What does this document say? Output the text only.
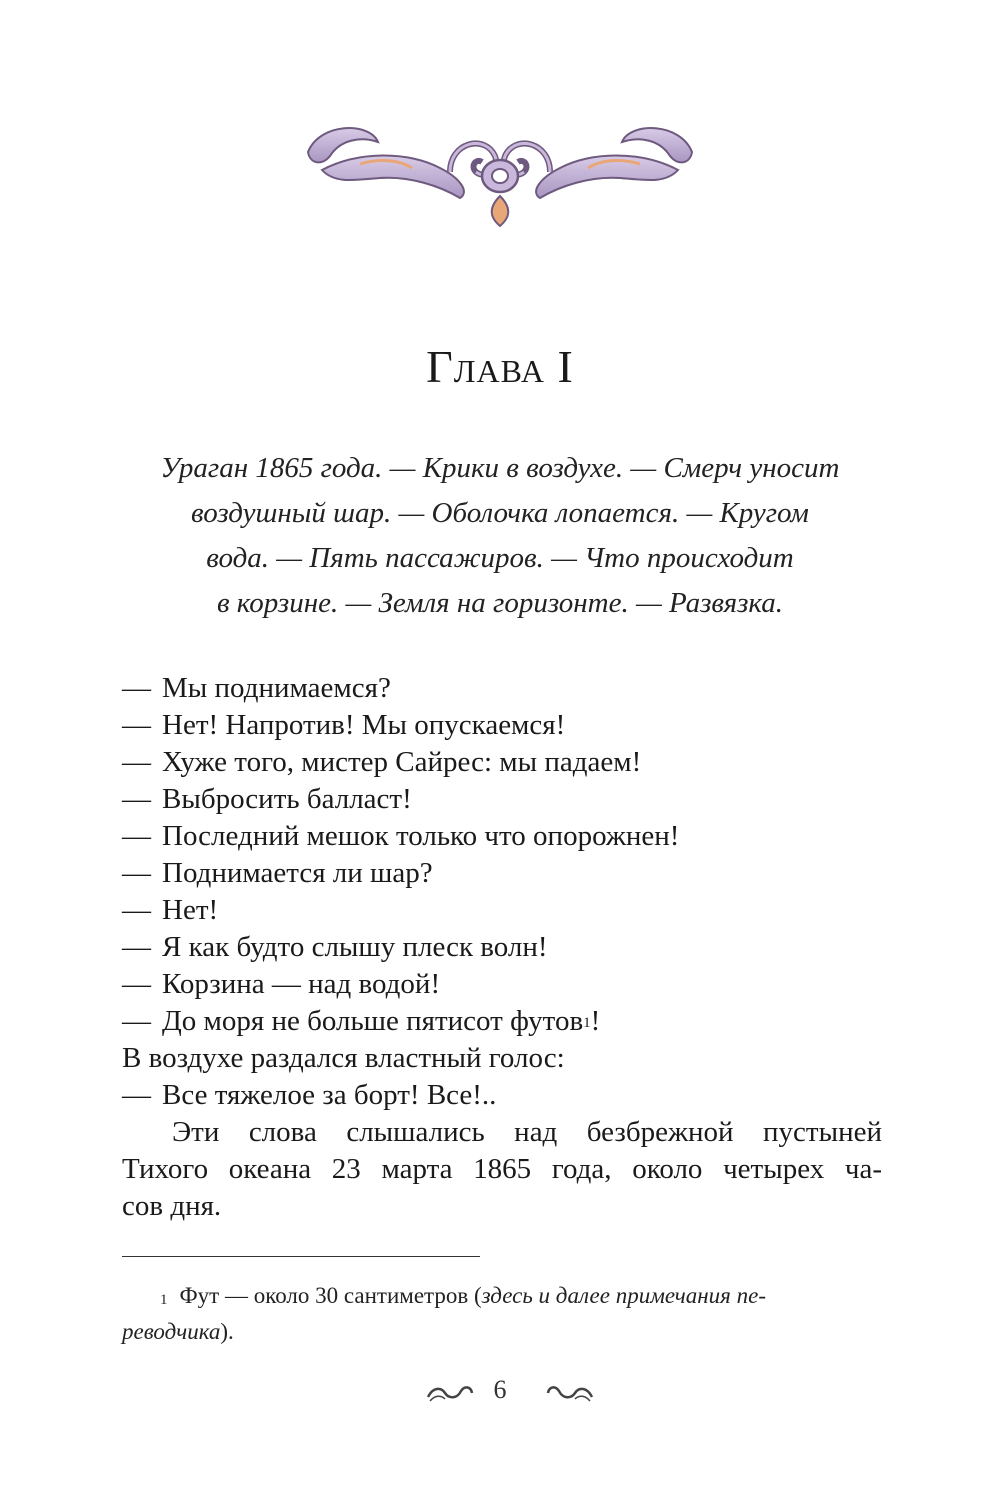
Глава I
Ураган 1865 года. — Крики в воздухе. — Смерч уносит
воздушный шар. — Оболочка лопается. — Кругом
вода. — Пять пассажиров. — Что происходит
в корзине. — Земля на горизонте. — Развязка.
— Мы поднимаемся?
— Нет! Напротив! Мы опускаемся!
— Хуже того, мистер Сайрес: мы падаем!
— Выбросить балласт!
— Последний мешок только что опорожнен!
— Поднимается ли шар?
— Нет!
— Я как будто слышу плеск волн!
— Корзина — над водой!
— До моря не больше пятисот футов$^1$!
В воздухе раздался властный голос:
— Все тяжелое за борт! Все!..
Эти слова слышались над безбрежной пустыней
Тихого океана 23 марта 1865 года, около четырех ча-
сов дня.
$^1$ Фут — около 30 сантиметров (здесь и далее примечания пе-
реводчика).
6
